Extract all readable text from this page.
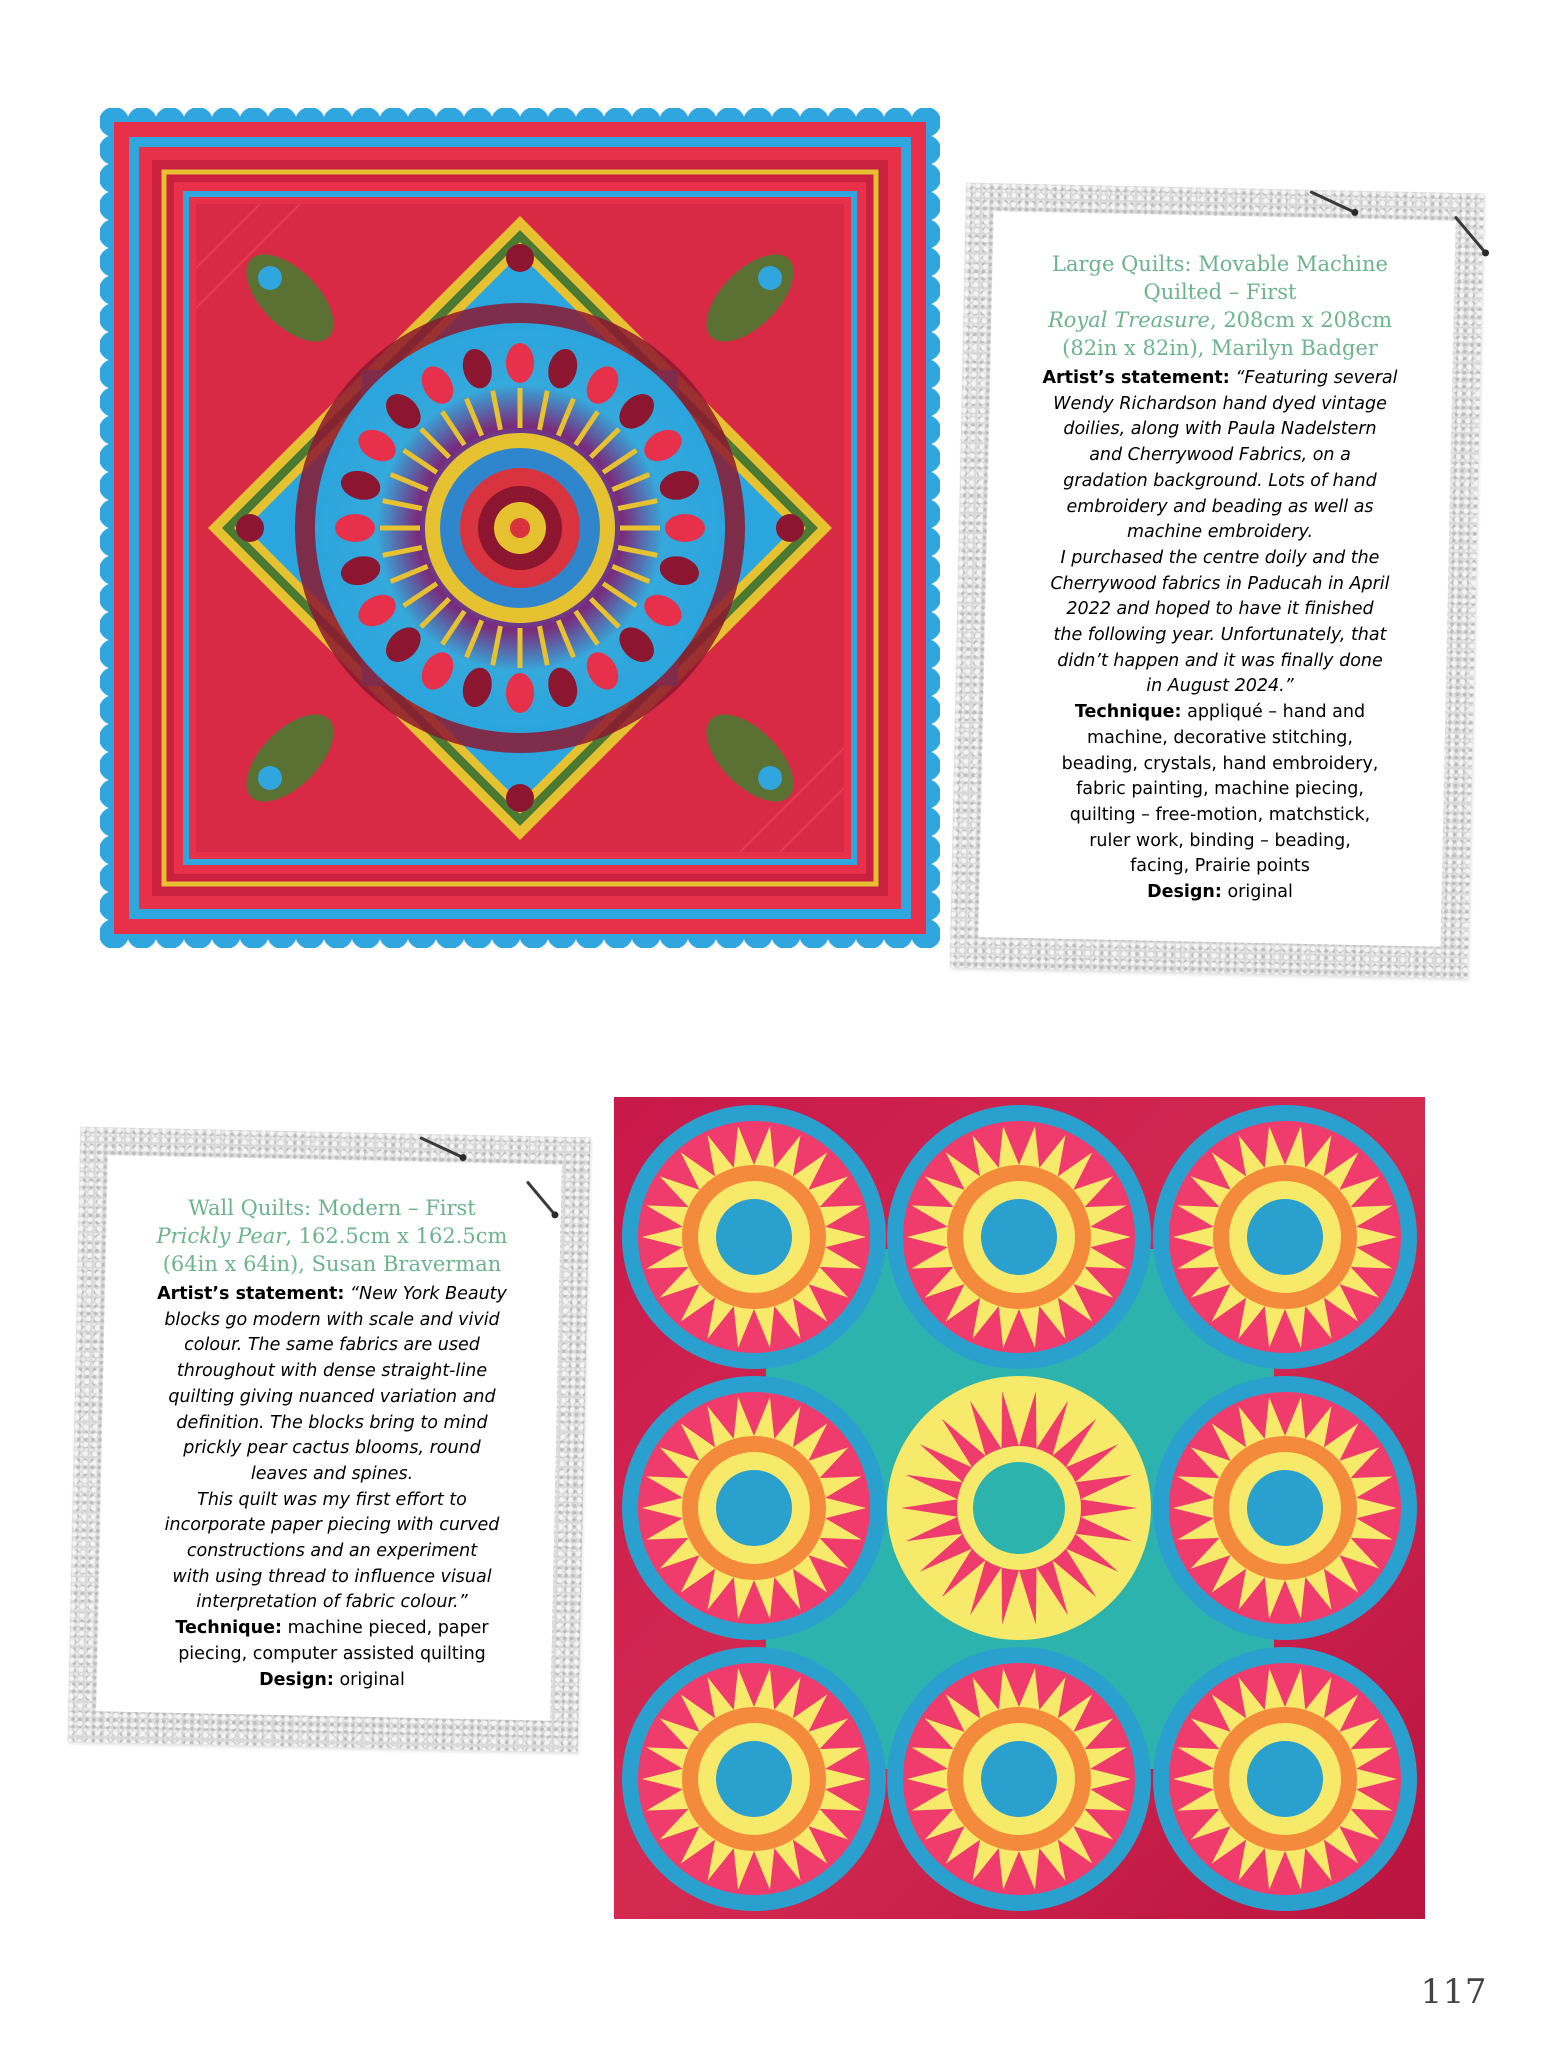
Large Quilts: Movable Machine
Quilted – First
Royal Treasure, 208cm x 208cm
(82in x 82in), Marilyn Badger

Artist’s statement: “Featuring several
Wendy Richardson hand dyed vintage
doilies, along with Paula Nadelstern
and Cherrywood Fabrics, on a
gradation background. Lots of hand
embroidery and beading as well as
machine embroidery.
I purchased the centre doily and the
Cherrywood fabrics in Paducah in April
2022 and hoped to have it finished
the following year. Unfortunately, that
didn’t happen and it was finally done
in August 2024.”
Technique: appliqué – hand and
machine, decorative stitching,
beading, crystals, hand embroidery,
fabric painting, machine piecing,
quilting – free-motion, matchstick,
ruler work, binding – beading,
facing, Prairie points
Design: original

Wall Quilts: Modern – First
Prickly Pear, 162.5cm x 162.5cm
(64in x 64in), Susan Braverman

Artist’s statement: “New York Beauty
blocks go modern with scale and vivid
colour. The same fabrics are used
throughout with dense straight-line
quilting giving nuanced variation and
definition. The blocks bring to mind
prickly pear cactus blooms, round
leaves and spines.
This quilt was my first effort to
incorporate paper piecing with curved
constructions and an experiment
with using thread to influence visual
interpretation of fabric colour.”
Technique: machine pieced, paper
piecing, computer assisted quilting
Design: original
117
